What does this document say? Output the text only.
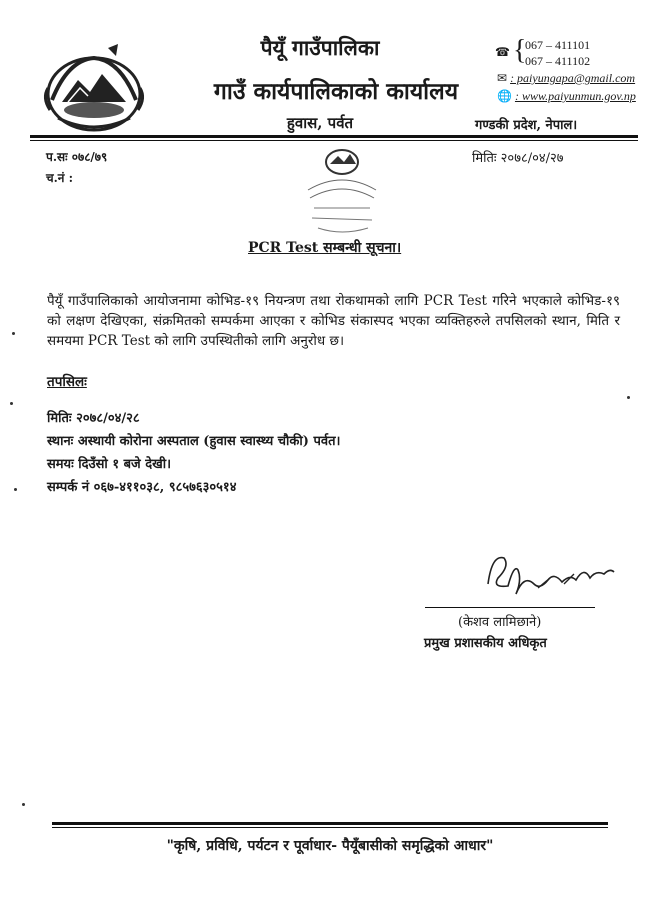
पैयूँ गाउँपालिका
गाउँ कार्यपालिकाको कार्यालय
हुवास, पर्वत
☎ {
067 – 411101
067 – 411102
✉ : paiyungapa@gmail.com
🌐 : www.paiyunmun.gov.np
गण्डकी प्रदेश, नेपाल।
प.सः ०७८/७९
च.नं :
मितिः २०७८/०४/२७
PCR Test सम्बन्धी सूचना।
पैयूँ गाउँपालिकाको आयोजनामा कोभिड-१९ नियन्त्रण तथा रोकथामको लागि PCR Test गरिने भएकाले कोभिड-१९ को लक्षण देखिएका, संक्रमितको सम्पर्कमा आएका र कोभिड संकास्पद भएका व्यक्तिहरुले तपसिलको स्थान, मिति र समयमा PCR Test को लागि उपस्थितीको लागि अनुरोध छ।
तपसिलः
मितिः २०७८/०४/२८
स्थानः अस्थायी कोरोना अस्पताल (हुवास स्वास्थ्य चौकी) पर्वत।
समयः दिउँसो १ बजे देखी।
सम्पर्क नं ०६७-४११०३८, ९८५७६३०५१४
(केशव लामिछाने)
प्रमुख प्रशासकीय अधिकृत
"कृषि, प्रविधि, पर्यटन र पूर्वाधार- पैयूँबासीको समृद्धिको आधार"
